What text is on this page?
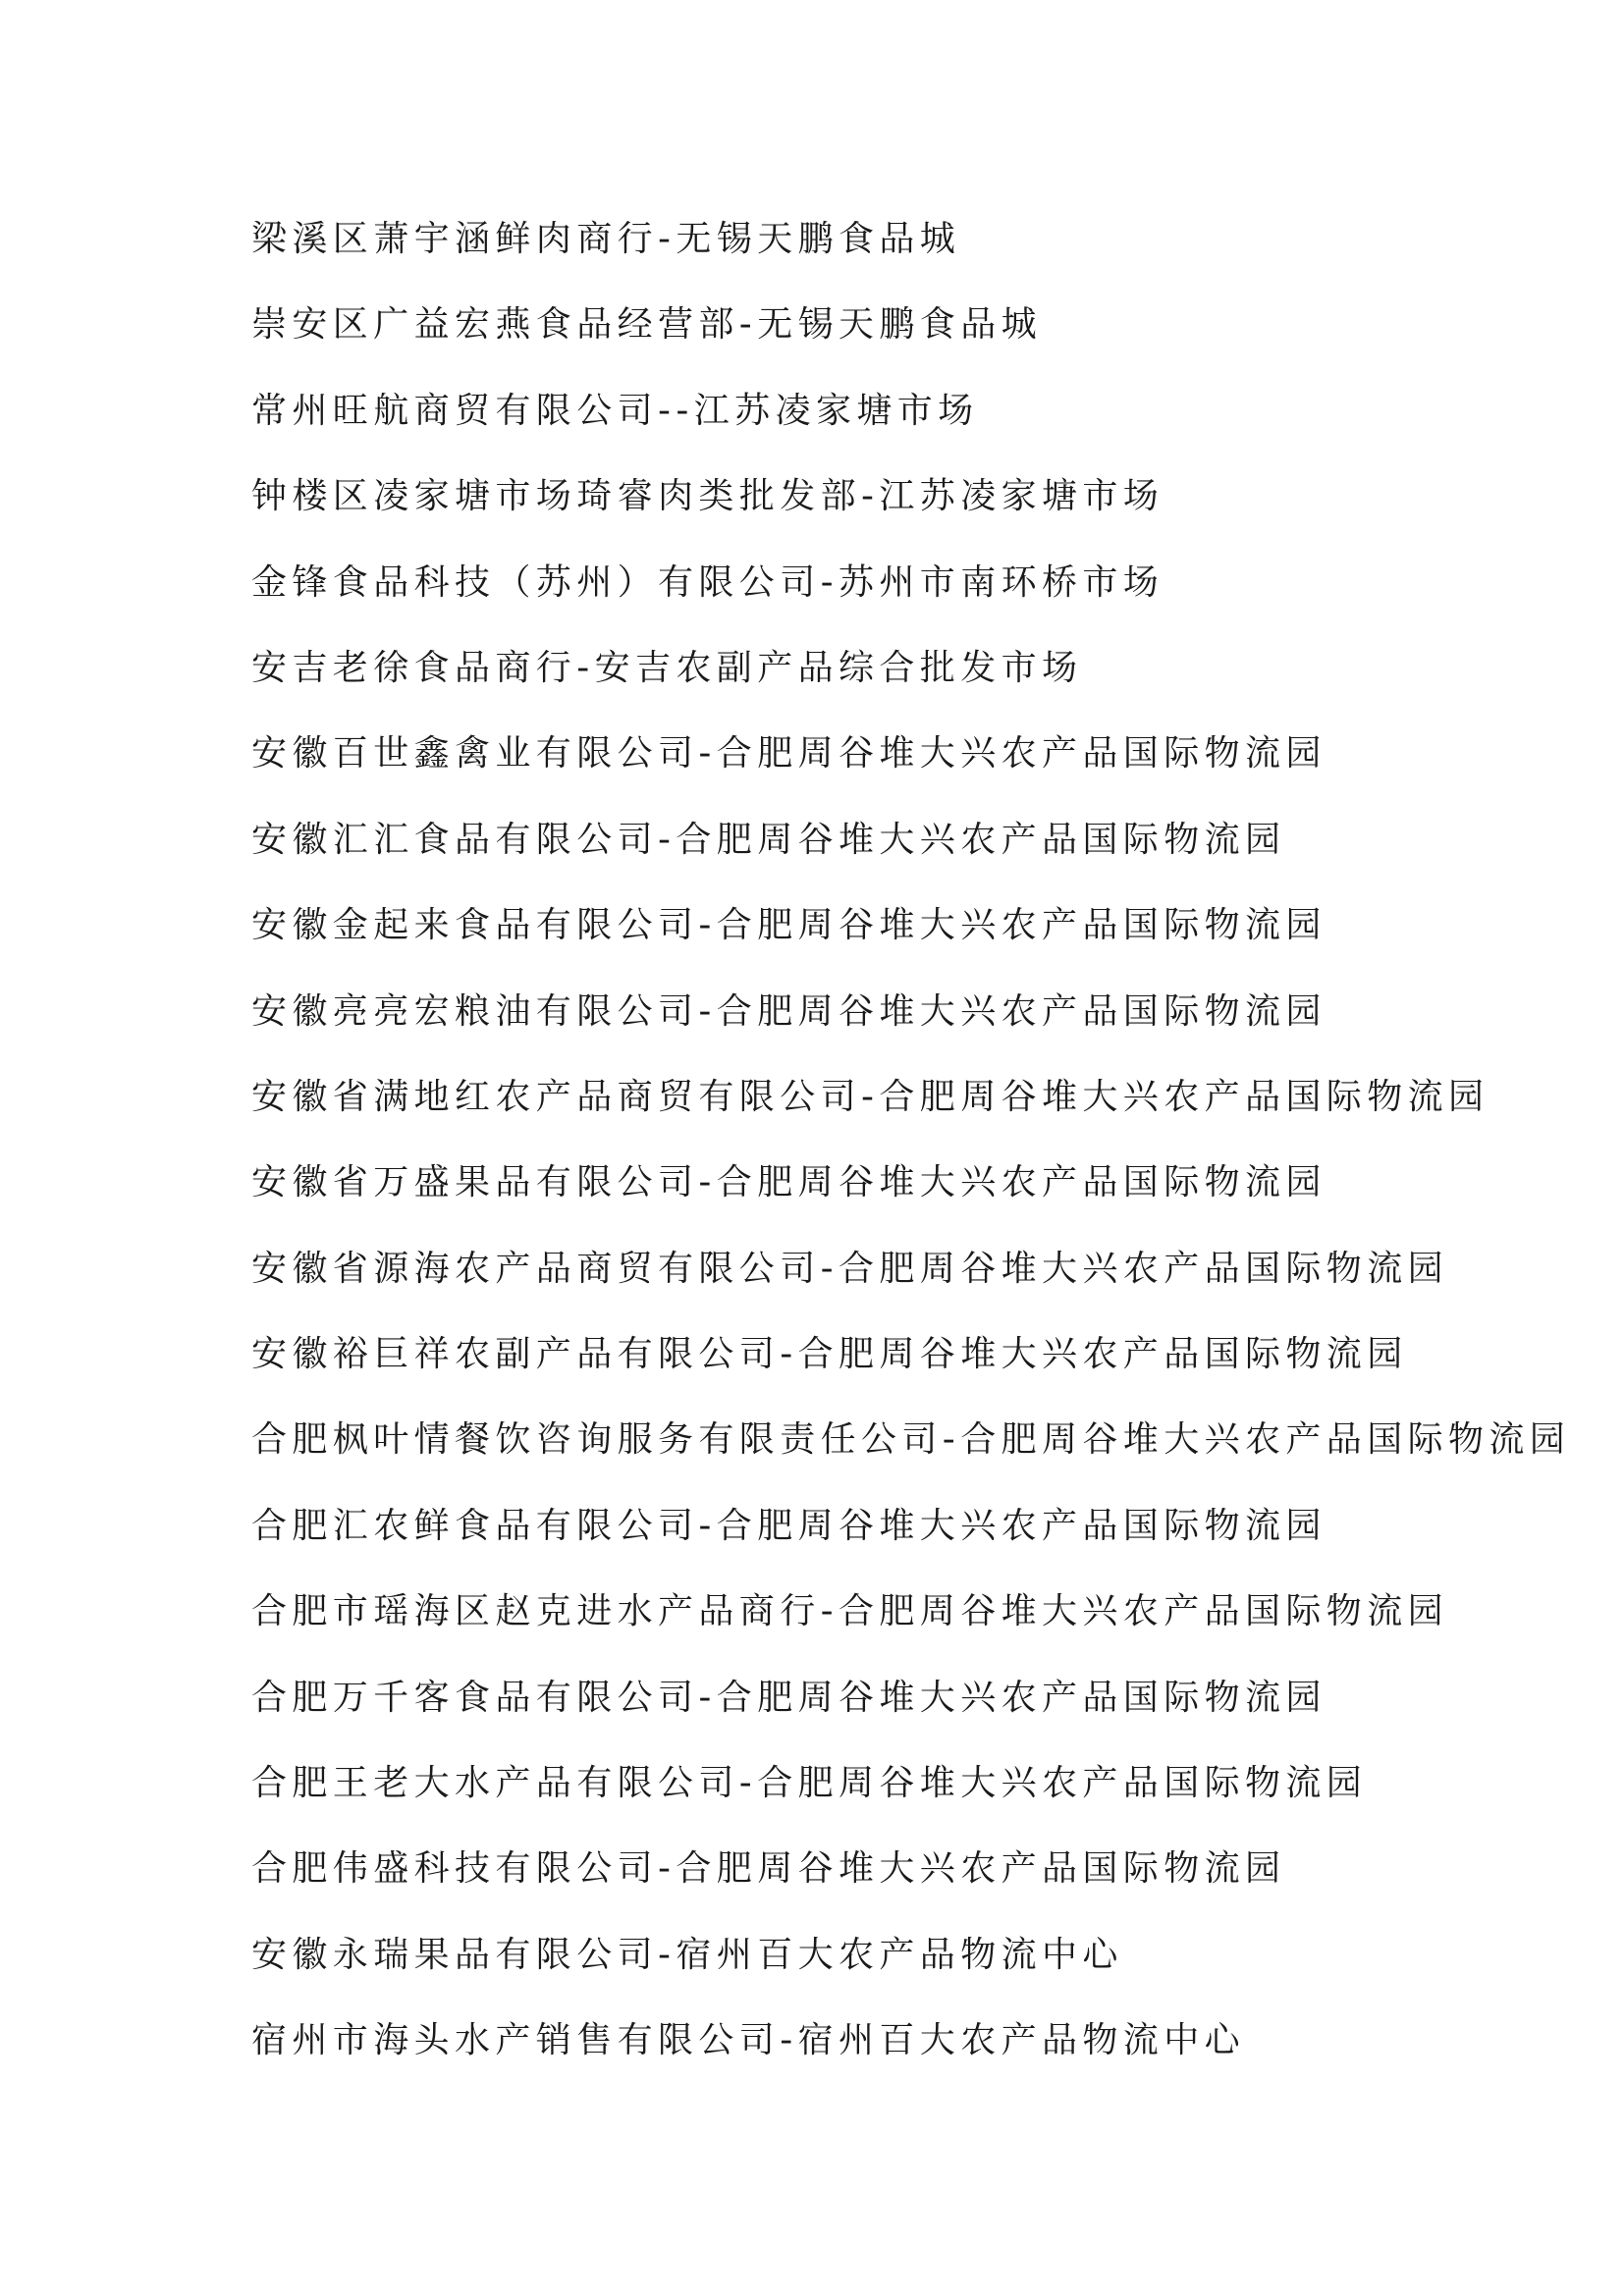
梁溪区萧宇涵鲜肉商行-无锡天鹏食品城
崇安区广益宏燕食品经营部-无锡天鹏食品城
常州旺航商贸有限公司--江苏凌家塘市场
钟楼区凌家塘市场琦睿肉类批发部-江苏凌家塘市场
金锋食品科技（苏州）有限公司-苏州市南环桥市场
安吉老徐食品商行-安吉农副产品综合批发市场
安徽百世鑫禽业有限公司-合肥周谷堆大兴农产品国际物流园
安徽汇汇食品有限公司-合肥周谷堆大兴农产品国际物流园
安徽金起来食品有限公司-合肥周谷堆大兴农产品国际物流园
安徽亮亮宏粮油有限公司-合肥周谷堆大兴农产品国际物流园
安徽省满地红农产品商贸有限公司-合肥周谷堆大兴农产品国际物流园
安徽省万盛果品有限公司-合肥周谷堆大兴农产品国际物流园
安徽省源海农产品商贸有限公司-合肥周谷堆大兴农产品国际物流园
安徽裕巨祥农副产品有限公司-合肥周谷堆大兴农产品国际物流园
合肥枫叶情餐饮咨询服务有限责任公司-合肥周谷堆大兴农产品国际物流园
合肥汇农鲜食品有限公司-合肥周谷堆大兴农产品国际物流园
合肥市瑶海区赵克进水产品商行-合肥周谷堆大兴农产品国际物流园
合肥万千客食品有限公司-合肥周谷堆大兴农产品国际物流园
合肥王老大水产品有限公司-合肥周谷堆大兴农产品国际物流园
合肥伟盛科技有限公司-合肥周谷堆大兴农产品国际物流园
安徽永瑞果品有限公司-宿州百大农产品物流中心
宿州市海头水产销售有限公司-宿州百大农产品物流中心
